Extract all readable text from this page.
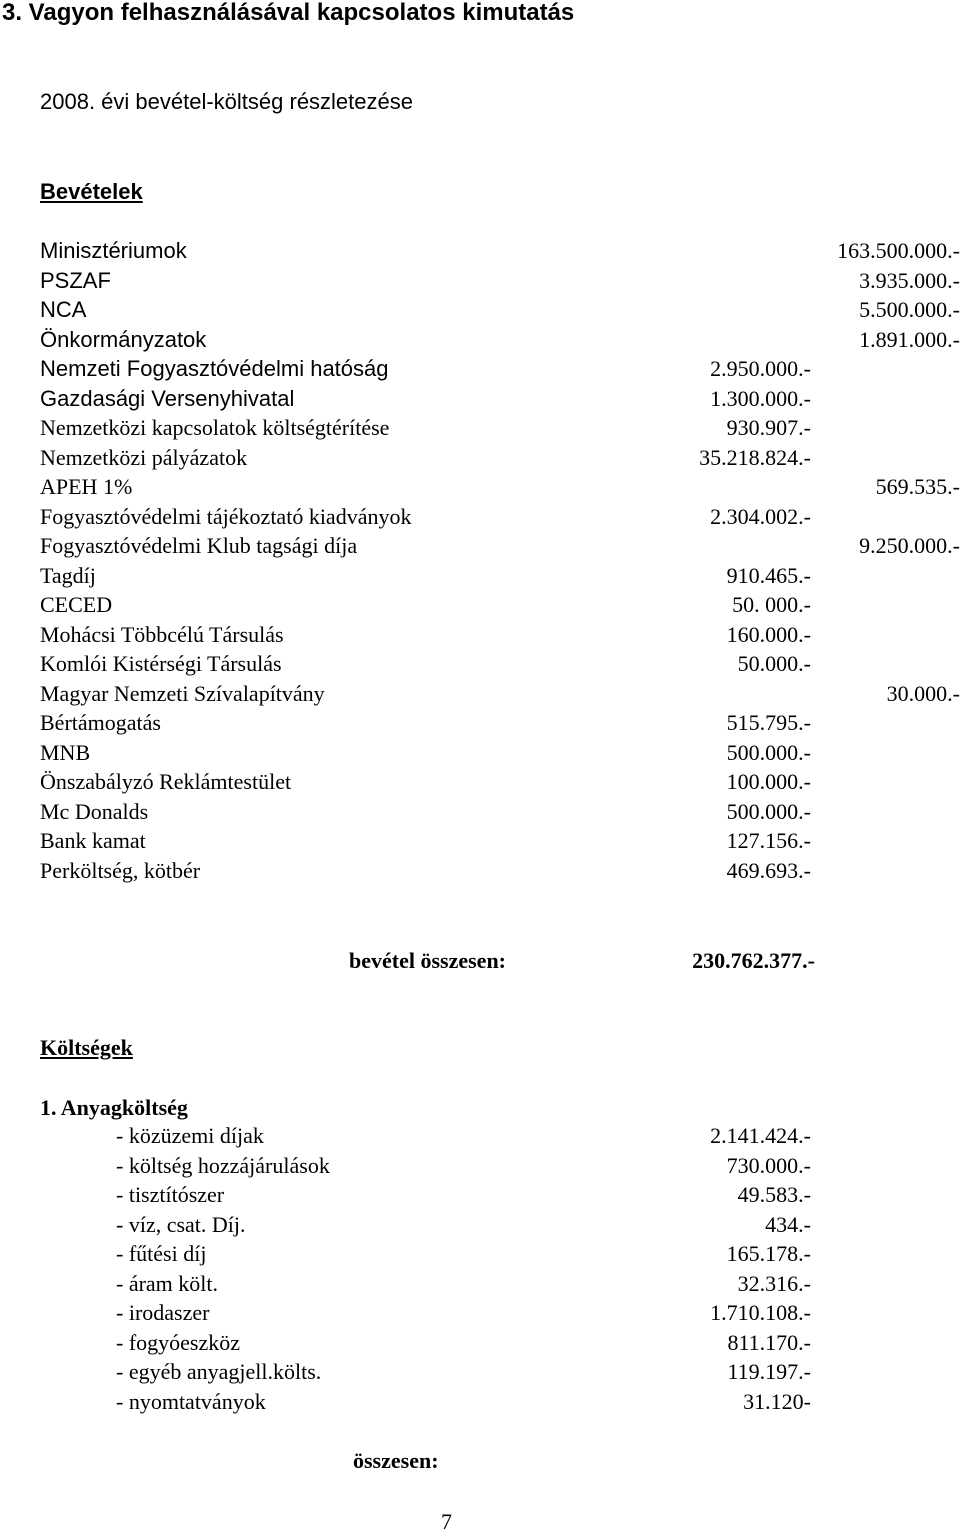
3. Vagyon felhasználásával kapcsolatos kimutatás
2008. évi bevétel-költség részletezése
Bevételek
Minisztériumok	163.500.000.-
PSZAF	3.935.000.-
NCA	5.500.000.-
Önkormányzatok	1.891.000.-
Nemzeti Fogyasztóvédelmi hatóság	2.950.000.-
Gazdasági Versenyhivatal	1.300.000.-
Nemzetközi kapcsolatok költségtérítése	930.907.-
Nemzetközi pályázatok	35.218.824.-
APEH 1%	569.535.-
Fogyasztóvédelmi tájékoztató kiadványok	2.304.002.-
Fogyasztóvédelmi Klub tagsági díja	9.250.000.-
Tagdíj	910.465.-
CECED	50. 000.-
Mohácsi Többcélú Társulás	160.000.-
Komlói Kistérségi Társulás	50.000.-
Magyar Nemzeti Szívalapítvány	30.000.-
Bértámogatás	515.795.-
MNB	500.000.-
Önszabályzó Reklámtestület	100.000.-
Mc Donalds	500.000.-
Bank kamat	127.156.-
Perköltség, kötbér	469.693.-
bevétel összesen:	230.762.377.-
Költségek
1. Anyagköltség
- közüzemi díjak	2.141.424.-
- költség hozzájárulások	730.000.-
- tisztítószer	49.583.-
- víz, csat. Díj.	434.-
- fűtési díj	165.178.-
- áram költ.	32.316.-
- irodaszer	1.710.108.-
- fogyóeszköz	811.170.-
- egyéb anyagjell.költs.	119.197.-
- nyomtatványok	31.120-
összesen:
7
